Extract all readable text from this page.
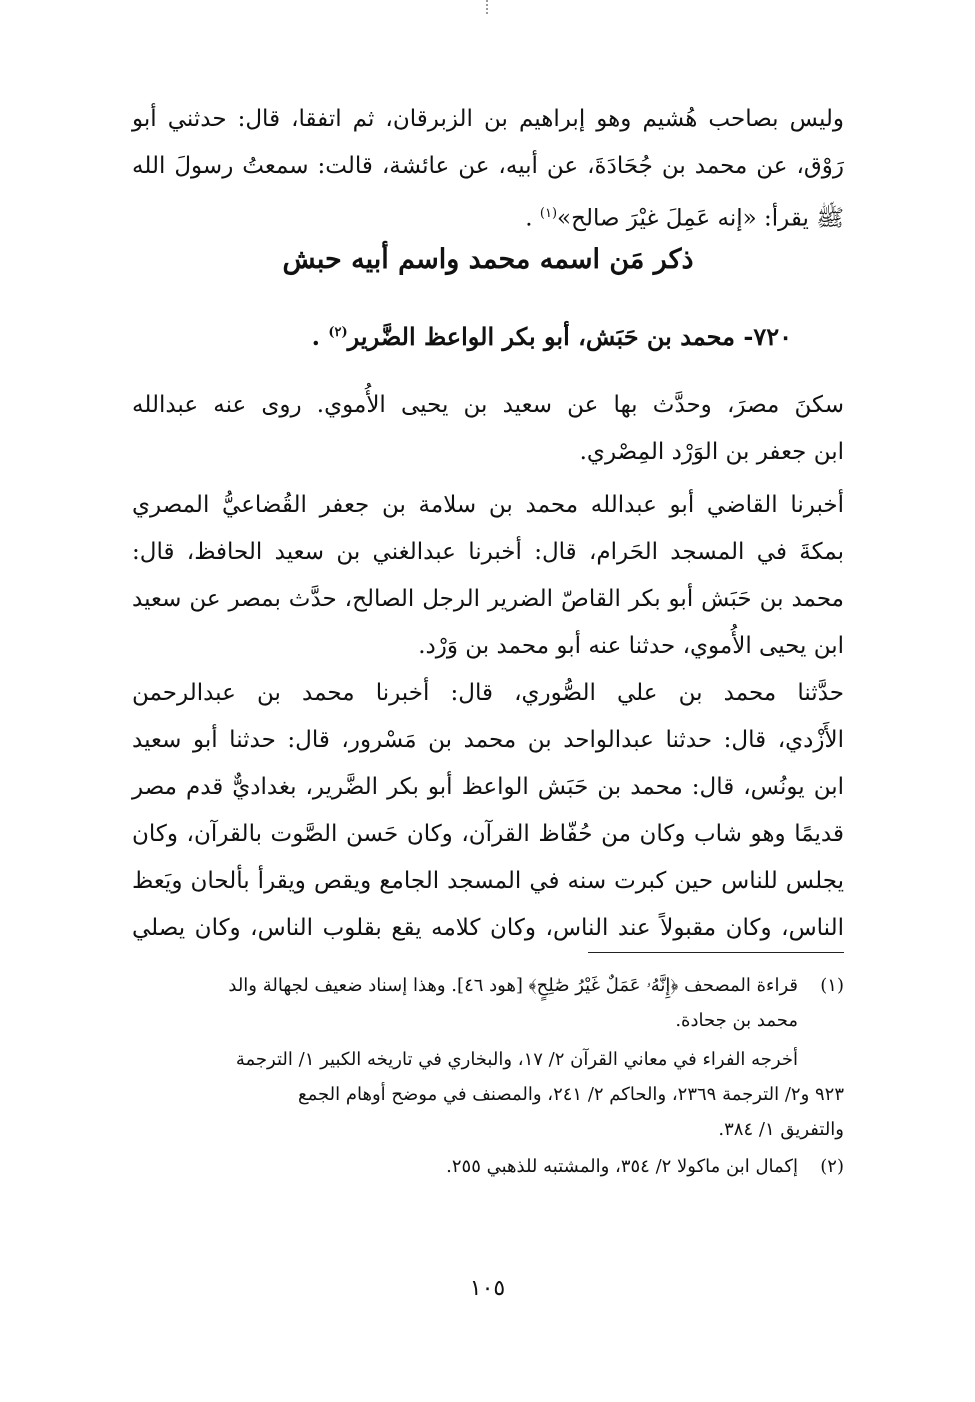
وليس بصاحب هُشيم وهو إبراهيم بن الزبرقان، ثم اتفقا، قال: حدثني أبو
رَوْق، عن محمد بن جُحَادَةَ، عن أبيه، عن عائشة، قالت: سمعتُ رسولَ الله
ﷺ يقرأ: «إنه عَمِلَ غيْرَ صالح»$^{(١)}$ .
ذكر مَن اسمه محمد واسم أبيه حبش
٧٢٠- محمد بن حَبَش، أبو بكر الواعظ الضَّرير$^{(٢)}$ .
سكنَ مصرَ، وحدَّث بها عن سعيد بن يحيى الأُموي. روى عنه عبدالله
ابن جعفر بن الوَرْد المِصْري.
أخبرنا القاضي أبو عبدالله محمد بن سلامة بن جعفر القُضاعيُّ المصري
بمكةَ في المسجد الحَرام، قال: أخبرنا عبدالغني بن سعيد الحافظ، قال:
محمد بن حَبَش أبو بكر القاصّ الضرير الرجل الصالح، حدَّث بمصر عن سعيد
ابن يحيى الأُموي، حدثنا عنه أبو محمد بن وَرْد.
حدَّثنا محمد بن علي الصُّوري، قال: أخبرنا محمد بن عبدالرحمن
الأَزْدي، قال: حدثنا عبدالواحد بن محمد بن مَسْرور، قال: حدثنا أبو سعيد
ابن يونُس، قال: محمد بن حَبَش الواعظ أبو بكر الضَّرير، بغداديٌّ قدم مصر
قديمًا وهو شاب وكان من حُفّاظ القرآن، وكان حَسن الصَّوت بالقرآن، وكان
يجلس للناس حين كبرت سنه في المسجد الجامع ويقص ويقرأ بألحان ويَعظ
الناس، وكان مقبولاً عند الناس، وكان كلامه يقع بقلوب الناس، وكان يصلي
(١)قراءة المصحف ﴿إِنَّهُۥ عَمَلٌ غَيْرُ صَٰلِحٍ﴾ [هود ٤٦]. وهذا إسناد ضعيف لجهالة والد
محمد بن جحادة.
أخرجه الفراء في معاني القرآن ٢/ ١٧، والبخاري في تاريخه الكبير ١/ الترجمة
٩٢٣ و٢/ الترجمة ٢٣٦٩، والحاكم ٢/ ٢٤١، والمصنف في موضح أوهام الجمع
والتفريق ١/ ٣٨٤.
(٢)إكمال ابن ماكولا ٢/ ٣٥٤، والمشتبه للذهبي ٢٥٥.
١٠٥
